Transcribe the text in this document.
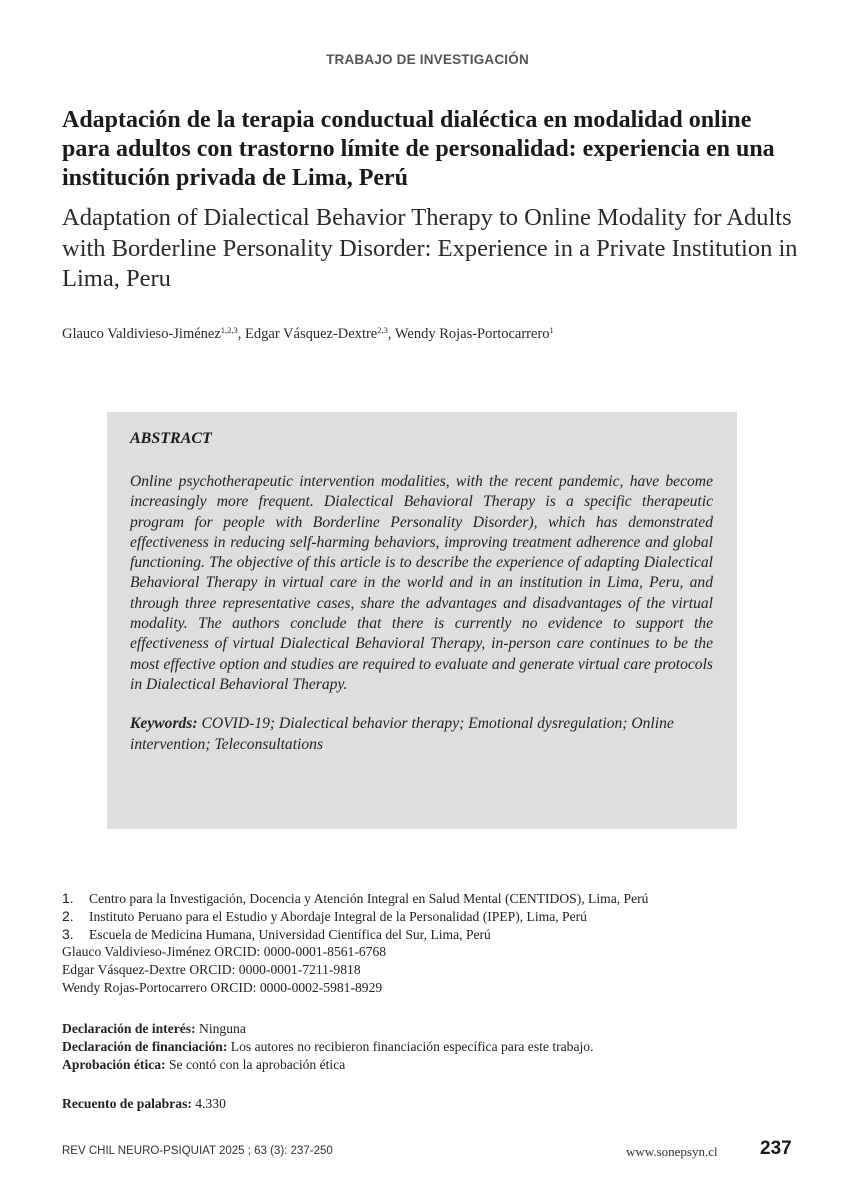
TRABAJO DE INVESTIGACIÓN
Adaptación de la terapia conductual dialéctica en modalidad online para adultos con trastorno límite de personalidad: experiencia en una institución privada de Lima, Perú
Adaptation of Dialectical Behavior Therapy to Online Modality for Adults with Borderline Personality Disorder: Experience in a Private Institution in Lima, Peru
Glauco Valdivieso-Jiménez$^{1,2,3}$, Edgar Vásquez-Dextre$^{2,3}$, Wendy Rojas-Portocarrero$^1$
ABSTRACT

Online psychotherapeutic intervention modalities, with the recent pandemic, have become increasingly more frequent. Dialectical Behavioral Therapy is a specific therapeutic program for people with Borderline Personality Disorder), which has demonstrated effectiveness in reducing self-harming behaviors, improving treatment adherence and global functioning. The objective of this article is to describe the experience of adapting Dialectical Behavioral Therapy in virtual care in the world and in an institution in Lima, Peru, and through three representative cases, share the advantages and disadvantages of the virtual modality. The authors conclude that there is currently no evidence to support the effectiveness of virtual Dialectical Behavioral Therapy, in-person care continues to be the most effective option and studies are required to evaluate and generate virtual care protocols in Dialectical Behavioral Therapy.

Keywords: COVID-19; Dialectical behavior therapy; Emotional dysregulation; Online intervention; Teleconsultations

1.	Centro para la Investigación, Docencia y Atención Integral en Salud Mental (CENTIDOS), Lima, Perú
2.	Instituto Peruano para el Estudio y Abordaje Integral de la Personalidad (IPEP), Lima, Perú
3.	Escuela de Medicina Humana, Universidad Científica del Sur, Lima, Perú
Glauco Valdivieso-Jiménez ORCID: 0000-0001-8561-6768
Edgar Vásquez-Dextre ORCID: 0000-0001-7211-9818
Wendy Rojas-Portocarrero ORCID: 0000-0002-5981-8929
Declaración de interés: Ninguna
Declaración de financiación: Los autores no recibieron financiación específica para este trabajo.
Aprobación ética: Se contó con la aprobación ética
Recuento de palabras: 4.330
REV CHIL NEURO-PSIQUIAT 2025 ; 63 (3): 237-250	www.sonepsyn.cl 237
